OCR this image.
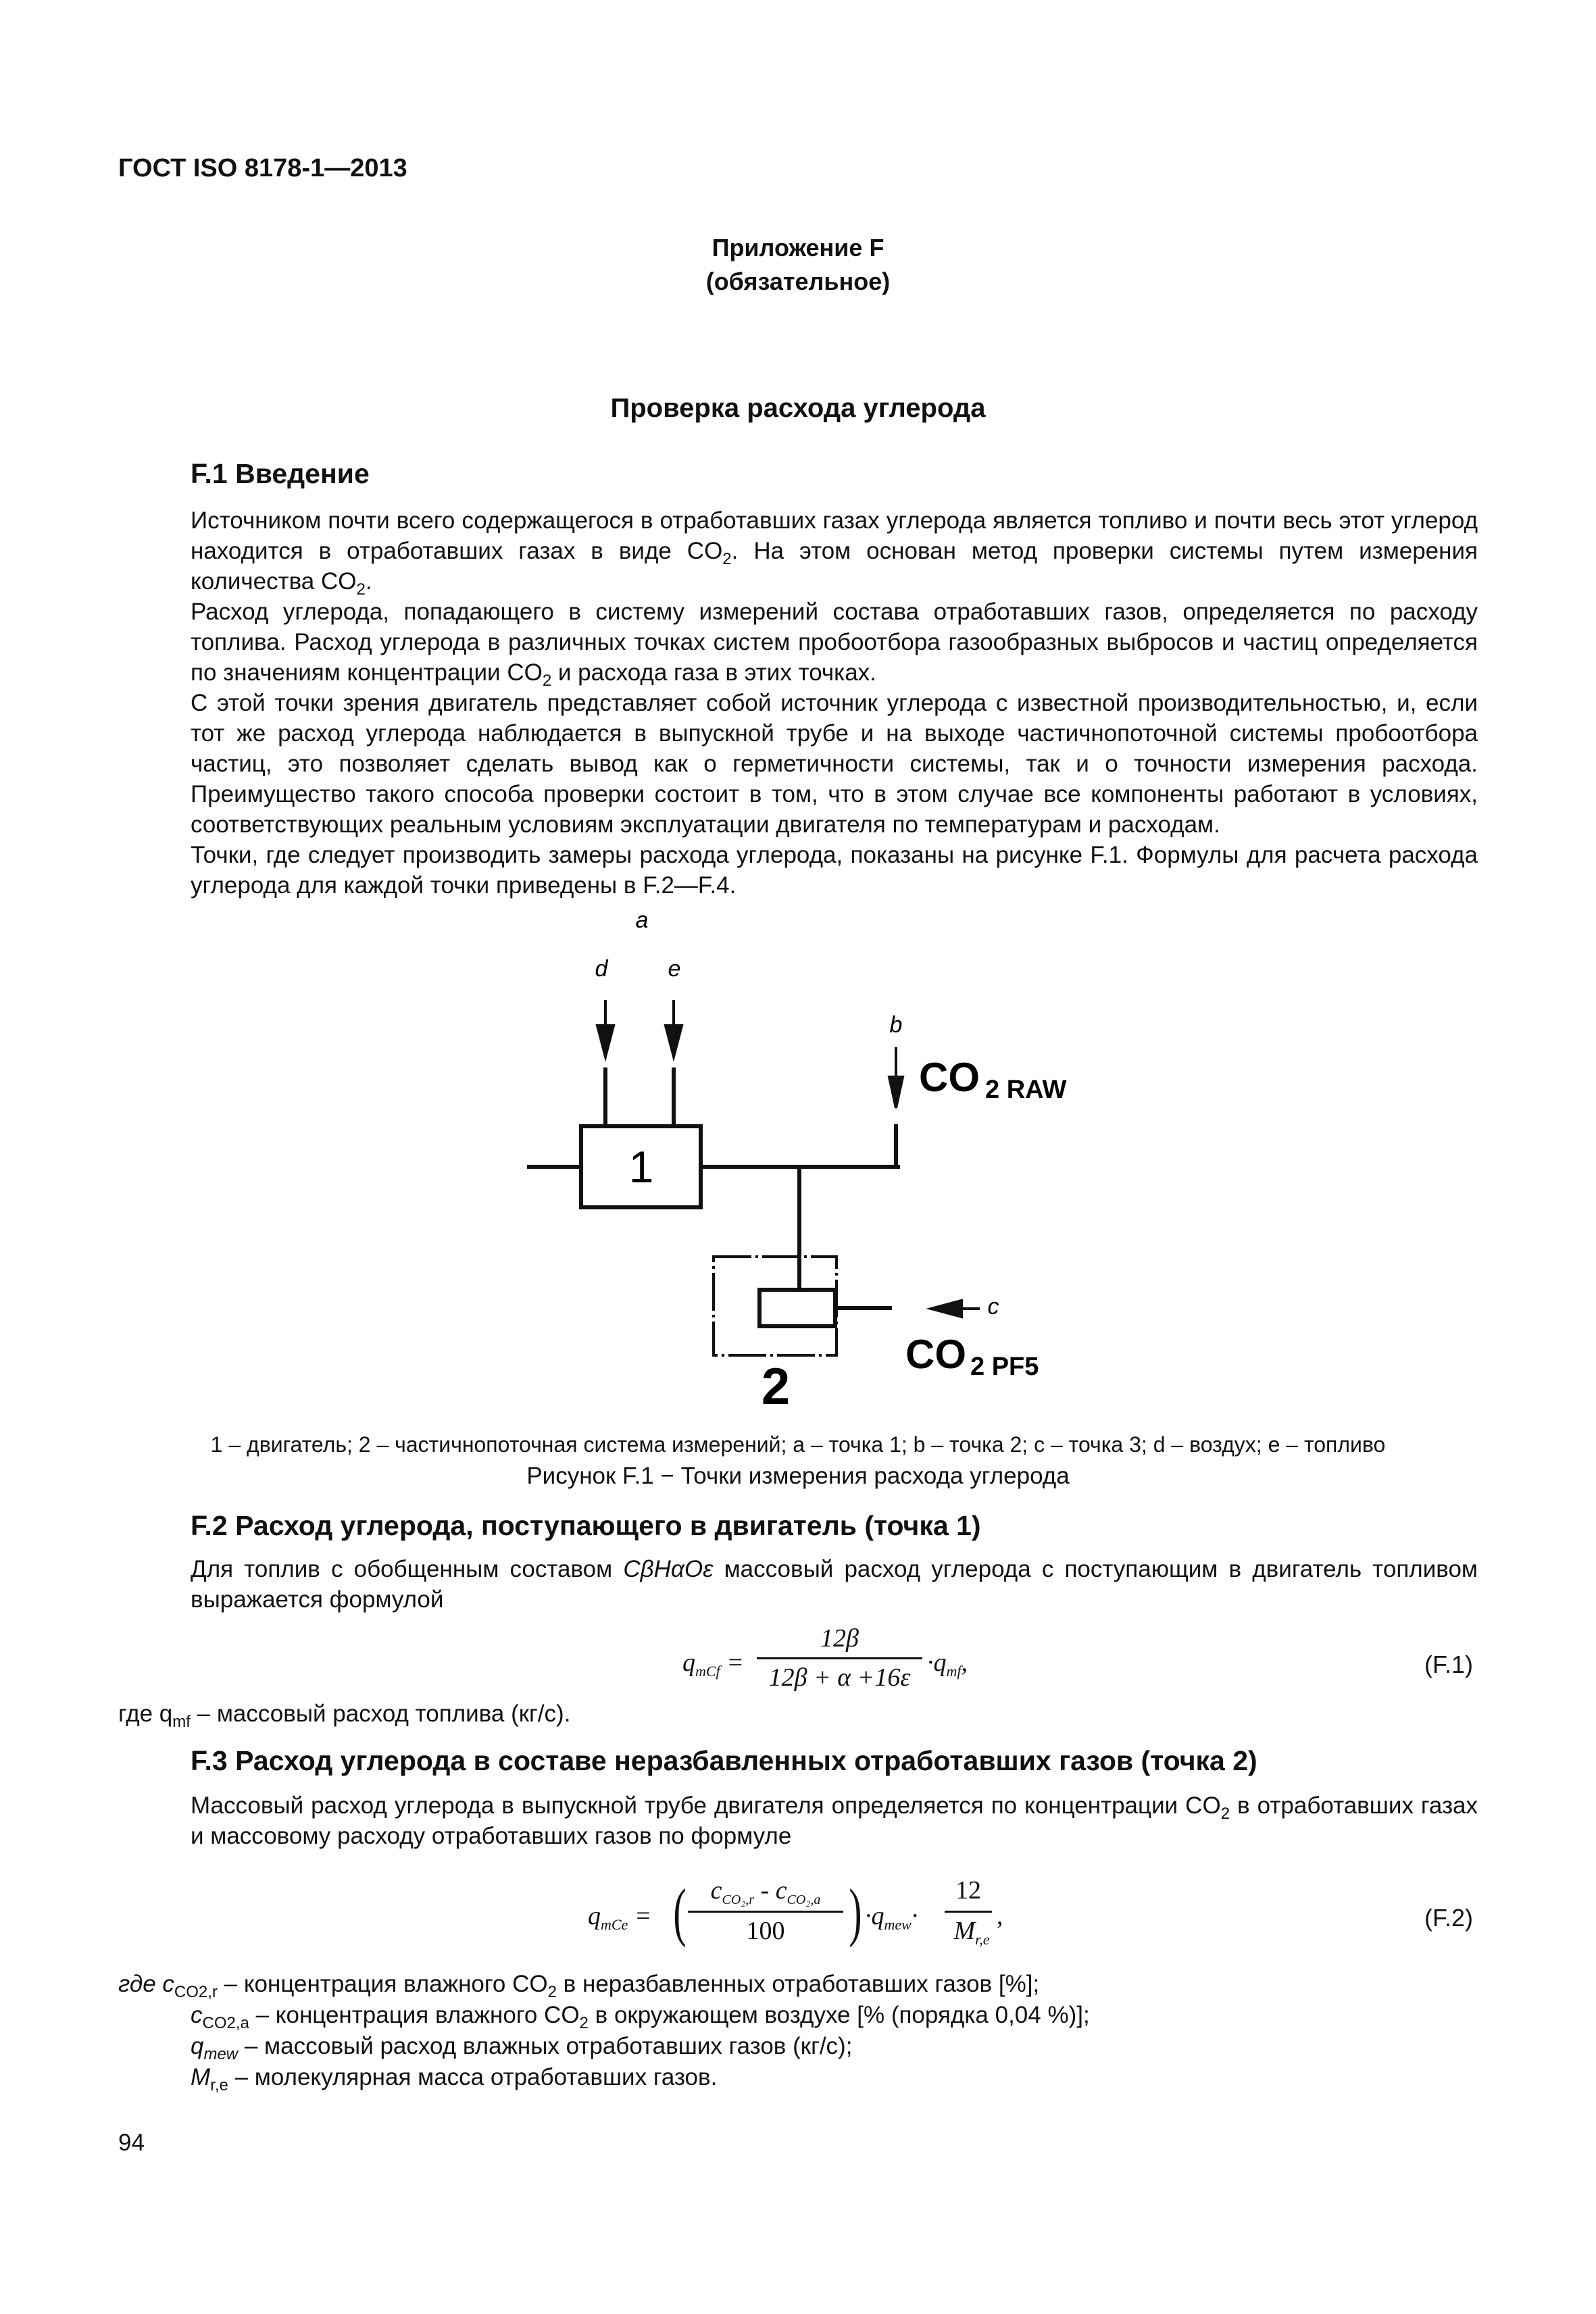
ГОСТ ISO 8178-1—2013
Приложение F
(обязательное)
Проверка расхода углерода
F.1 Введение
Источником почти всего содержащегося в отработавших газах углерода является топливо и почти весь этот углерод находится в отработавших газах в виде $CO_2$. На этом основан метод проверки системы путем измерения количества $CO_2$.
Расход углерода, попадающего в систему измерений состава отработавших газов, определяется по расходу топлива. Расход углерода в различных точках систем пробоотбора газообразных выбросов и частиц определяется по значениям концентрации $CO_2$ и расхода газа в этих точках.
С этой точки зрения двигатель представляет собой источник углерода с известной производительностью, и, если тот же расход углерода наблюдается в выпускной трубе и на выходе частичнопоточной системы пробоотбора частиц, это позволяет сделать вывод как о герметичности системы, так и о точности измерения расхода. Преимущество такого способа проверки состоит в том, что в этом случае все компоненты работают в условиях, соответствующих реальным условиям эксплуатации двигателя по температурам и расходам.
Точки, где следует производить замеры расхода углерода, показаны на рисунке F.1. Формулы для расчета расхода углерода для каждой точки приведены в F.2—F.4.
a
d	e
b
c
1
2
CO 2 RAW
CO 2 PF5
1 – двигатель; 2 – частичнопоточная система измерений; a – точка 1; b – точка 2; c – точка 3; d – воздух; e – топливо
Рисунок F.1 − Точки измерения расхода углерода
F.2 Расход углерода, поступающего в двигатель (точка 1)
Для топлив с обобщенным составом CβHαOε массовый расход углерода с поступающим в двигатель топливом выражается формулой
$q_{mCf}$ =
12β
12β + α +16ε
$\cdot q_{mf}$,	(F.1)
где $q_{mf}$ – массовый расход топлива (кг/с).
F.3 Расход углерода в составе неразбавленных отработавших газов (точка 2)
Массовый расход углерода в выпускной трубе двигателя определяется по концентрации $CO_2$ в отработавших газах и массовому расходу отработавших газов по формуле
$q_{mCe}$ = ( $c_{CO_2,r} - c_{CO_2,a}$
100 ) $\cdot q_{mew}\cdot$
12
$M_{r,e}$
,	(F.2)
где $c_{CO2,r}$ – концентрация влажного $CO_2$ в неразбавленных отработавших газов [%];
$c_{CO2,a}$ – концентрация влажного $CO_2$ в окружающем воздухе [% (порядка 0,04 %)];
$q_{mew}$ – массовый расход влажных отработавших газов (кг/с);
$M_{r,e}$ – молекулярная масса отработавших газов.
94
